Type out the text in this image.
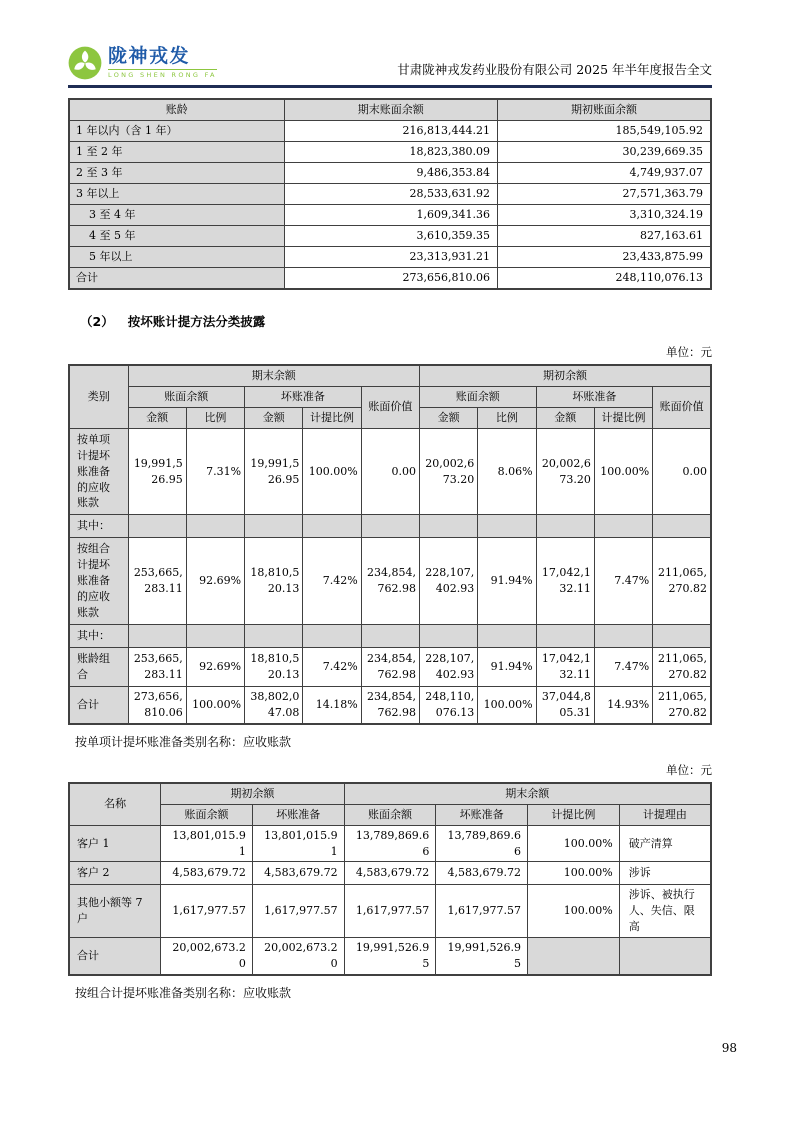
陇神戎发
LONG SHEN RONG FA	甘肃陇神戎发药业股份有限公司 2025 年半年度报告全文
账龄	期末账面余额	期初账面余额
1 年以内（含 1 年）	216,813,444.21	185,549,105.92
1 至 2 年	18,823,380.09	30,239,669.35
2 至 3 年	9,486,353.84	4,749,937.07
3 年以上	28,533,631.92	27,571,363.79
3 至 4 年	1,609,341.36	3,310,324.19
4 至 5 年	3,610,359.35	827,163.61
5 年以上	23,313,931.21	23,433,875.99
合计	273,656,810.06	248,110,076.13
（2） 按坏账计提方法分类披露
单位：元
类别	期末余额					期初余额				
	账面余额		坏账准备		账面价值	账面余额		坏账准备		账面价值
	金额	比例	金额	计提比例		金额	比例	金额	计提比例	
按单项计提坏账准备的应收账款	19,991,526.95	7.31%	19,991,526.95	100.00%	0.00	20,002,673.20	8.06%	20,002,673.20	100.00%	0.00
其中：										
按组合计提坏账准备的应收账款	253,665,283.11	92.69%	18,810,520.13	7.42%	234,854,762.98	228,107,402.93	91.94%	17,042,132.11	7.47%	211,065,270.82
其中：										
账龄组合	253,665,283.11	92.69%	18,810,520.13	7.42%	234,854,762.98	228,107,402.93	91.94%	17,042,132.11	7.47%	211,065,270.82
合计	273,656,810.06	100.00%	38,802,047.08	14.18%	234,854,762.98	248,110,076.13	100.00%	37,044,805.31	14.93%	211,065,270.82
按单项计提坏账准备类别名称：应收账款
单位：元
名称	期初余额		期末余额			
	账面余额	坏账准备	账面余额	坏账准备	计提比例	计提理由
客户 1	13,801,015.91	13,801,015.91	13,789,869.66	13,789,869.66	100.00%	破产清算
客户 2	4,583,679.72	4,583,679.72	4,583,679.72	4,583,679.72	100.00%	涉诉
其他小额等 7 户	1,617,977.57	1,617,977.57	1,617,977.57	1,617,977.57	100.00%	涉诉、被执行人、失信、限高
合计	20,002,673.20	20,002,673.20	19,991,526.95	19,991,526.95		
按组合计提坏账准备类别名称：应收账款
98
